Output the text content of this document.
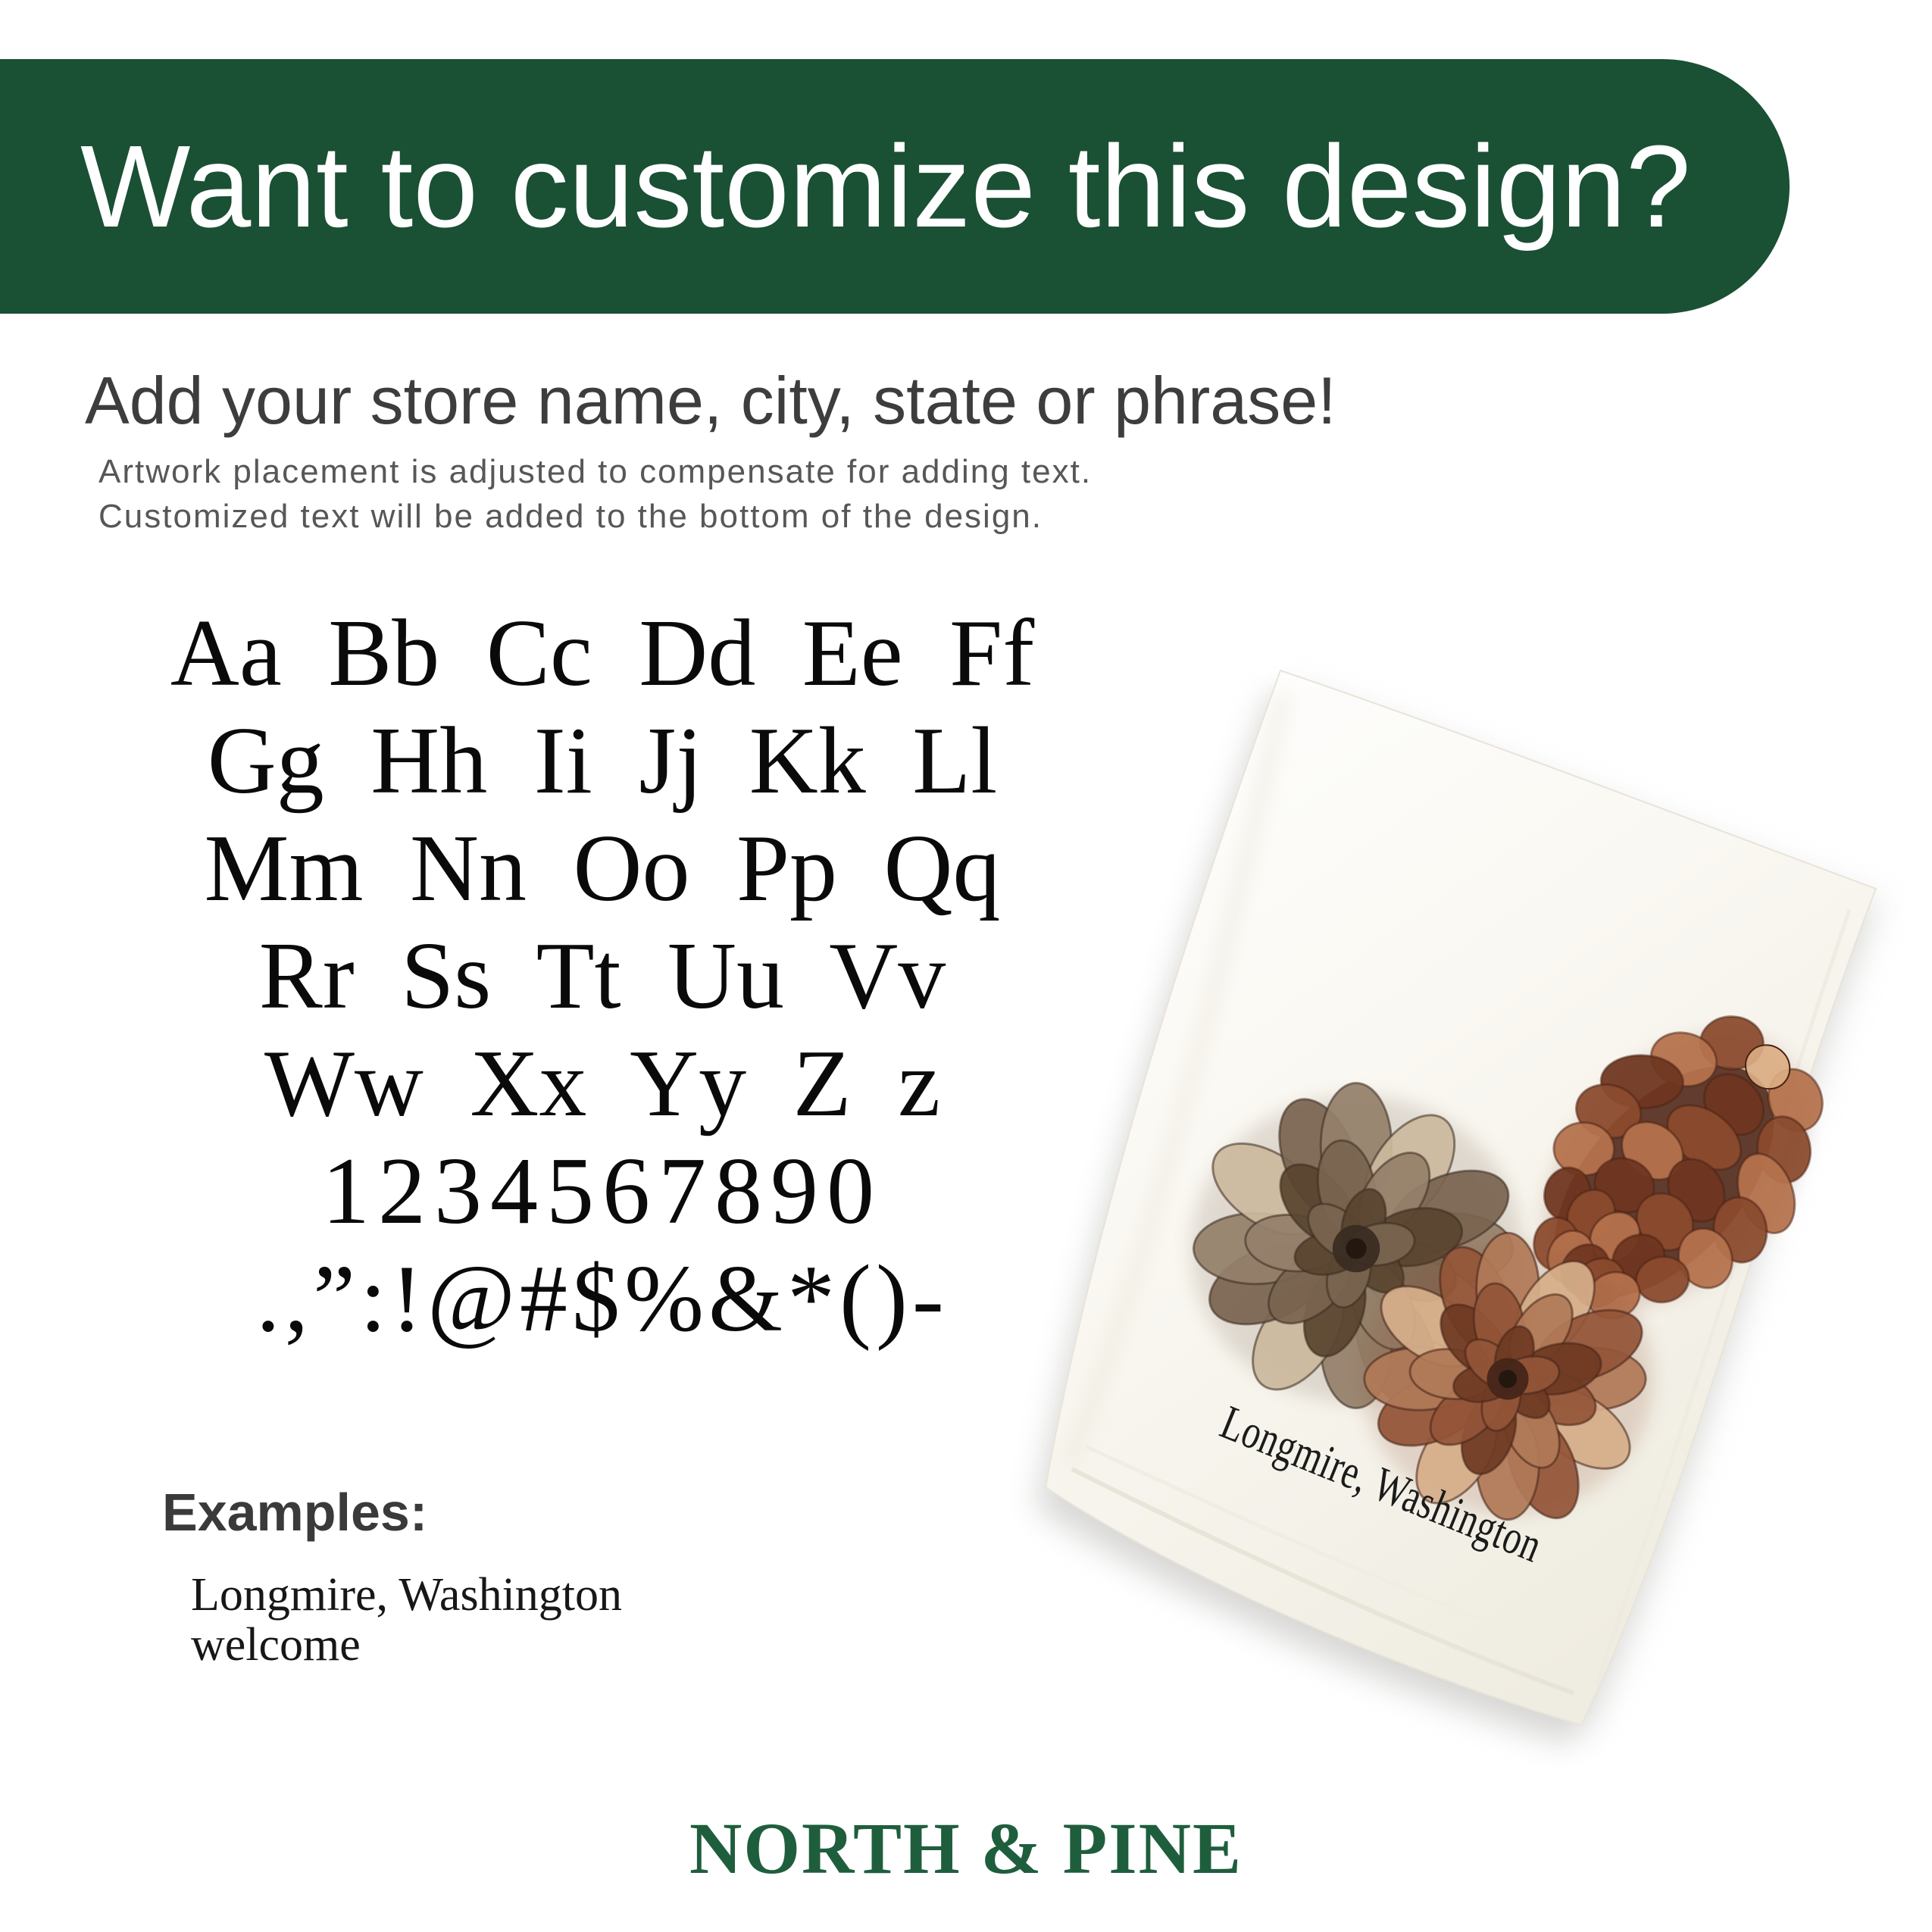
Want to customize this design?
Add your store name, city, state or phrase!
Artwork placement is adjusted to compensate for adding text.
Customized text will be added to the bottom of the design.
Aa Bb Cc Dd Ee Ff
Gg Hh Ii Jj Kk Ll
Mm Nn Oo Pp Qq
Rr Ss Tt Uu Vv
Ww Xx Yy Z z
1234567890
.,”:!@#$%&*()-
Examples:
Longmire, Washington
welcome
Longmire, Washington
NORTH & PINE
